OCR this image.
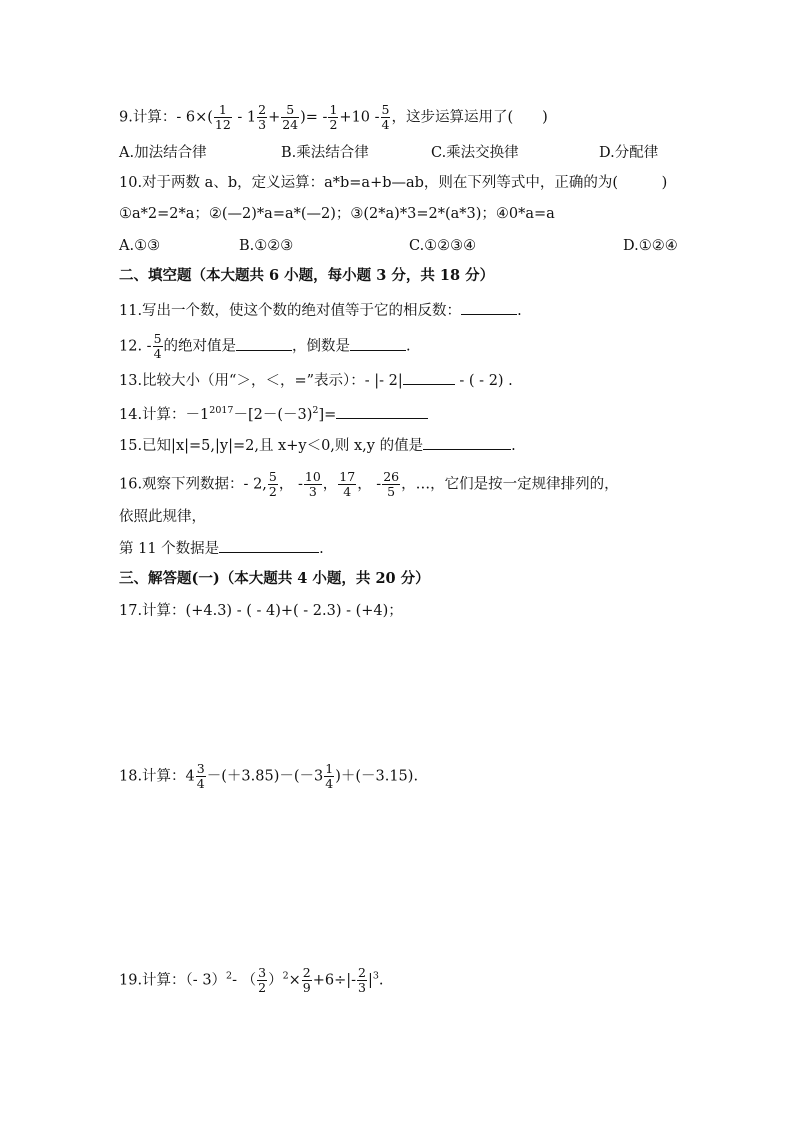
9.计算：- $6\times( \frac{1}{12} - 1 \frac{2}{3} + \frac{5}{24}$ )= - $\frac{1}{2} +10 - \frac{5}{4}$ ，这步运算运用了(　　)
A.加法结合律	B.乘法结合律	C.乘法交换律	D.分配律
10.对于两数 a、b，定义运算：a*b=a+b—ab，则在下列等式中，正确的为(　　　)
①a*2=2*a；②(—2)*a=a*(—2)；③(2*a)*3=2*(a*3)；④0*a=a
A.①③	B.①②③	C.①②③④	D.①②④
二、填空题（本大题共 6 小题，每小题 3 分，共 18 分）
11.写出一个数，使这个数的绝对值等于它的相反数：	.
12. - $\frac{5}{4}$ 的绝对值是	，倒数是	.
13.比较大小（用“＞，＜，=”表示）：- |- 2|	- ( - 2) .
14.计算：$-1^{2017}-[2-(-3)^2]=$
15.已知|x|=5,|y|=2,且 x+y＜0,则 x,y 的值是	.
16.观察下列数据：- 2, $\frac{5}{2}$ ， - $\frac{10}{3}$ ， $\frac{17}{4}$ ， - $\frac{26}{5}$ ，…，它们是按一定规律排列的，
依照此规律，
第 11 个数据是	.
三、解答题(一)（本大题共 4 小题，共 20 分）
17.计算：(+4.3) - ( - 4)+( - 2.3) - (+4)；
18.计算：$4 \frac{3}{4} -(+3.85)-(-3 \frac{1}{4} )+(-3.15)$.
19.计算：（- 3）$^2$- （ $\frac{3}{2} )^2\times \frac{2}{9} +6\div|- \frac{2}{3} |^3$.
